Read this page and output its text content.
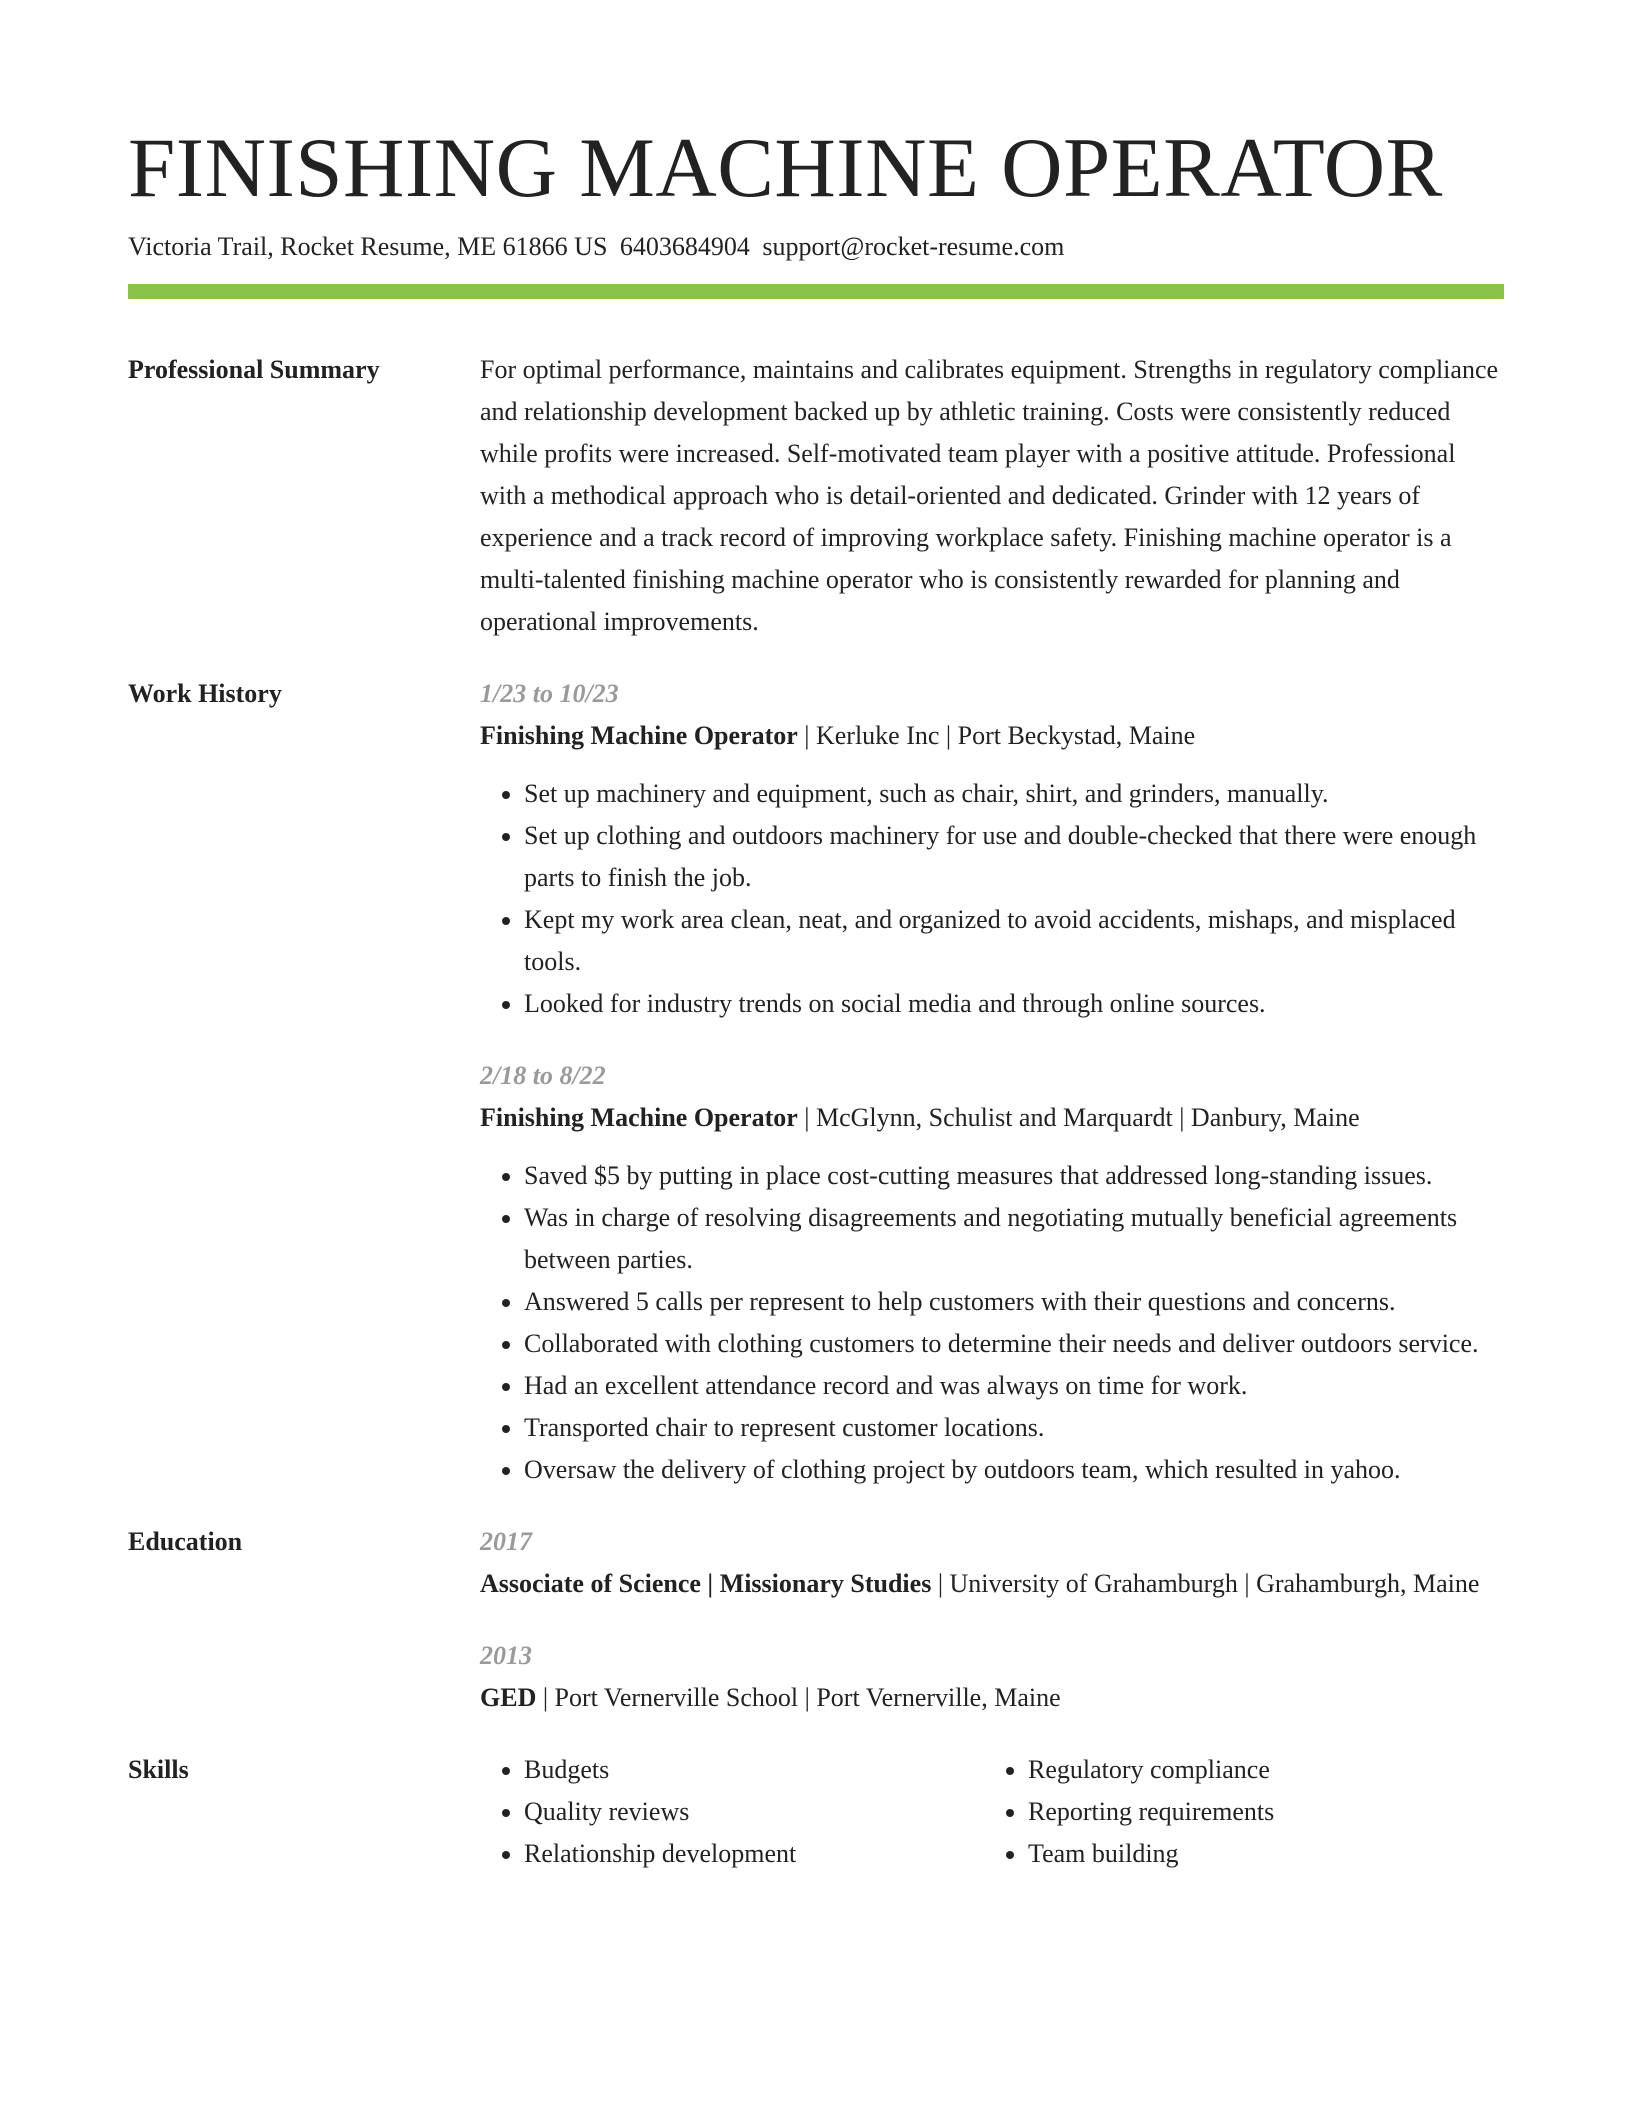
FINISHING MACHINE OPERATOR
Victoria Trail, Rocket Resume, ME 61866 US 6403684904 support@rocket-resume.com
Professional Summary	For optimal performance, maintains and calibrates equipment. Strengths in regulatory compliance and relationship development backed up by athletic training. Costs were consistently reduced while profits were increased. Self-motivated team player with a positive attitude. Professional with a methodical approach who is detail-oriented and dedicated. Grinder with 12 years of experience and a track record of improving workplace safety. Finishing machine operator is a multi-talented finishing machine operator who is consistently rewarded for planning and operational improvements.

Work History	1/23 to 10/23
Finishing Machine Operator | Kerluke Inc | Port Beckystad, Maine
• Set up machinery and equipment, such as chair, shirt, and grinders, manually.
• Set up clothing and outdoors machinery for use and double-checked that there were enough parts to finish the job.
• Kept my work area clean, neat, and organized to avoid accidents, mishaps, and misplaced tools.
• Looked for industry trends on social media and through online sources.
2/18 to 8/22
Finishing Machine Operator | McGlynn, Schulist and Marquardt | Danbury, Maine
• Saved $5 by putting in place cost-cutting measures that addressed long-standing issues.
• Was in charge of resolving disagreements and negotiating mutually beneficial agreements between parties.
• Answered 5 calls per represent to help customers with their questions and concerns.
• Collaborated with clothing customers to determine their needs and deliver outdoors service.
• Had an excellent attendance record and was always on time for work.
• Transported chair to represent customer locations.
• Oversaw the delivery of clothing project by outdoors team, which resulted in yahoo.
Education	2017
Associate of Science | Missionary Studies | University of Grahamburgh | Grahamburgh, Maine
2013
GED | Port Vernerville School | Port Vernerville, Maine
Skills
•	Budgets
• Quality reviews
• Relationship development
• Regulatory compliance
• Reporting requirements
• Team building
